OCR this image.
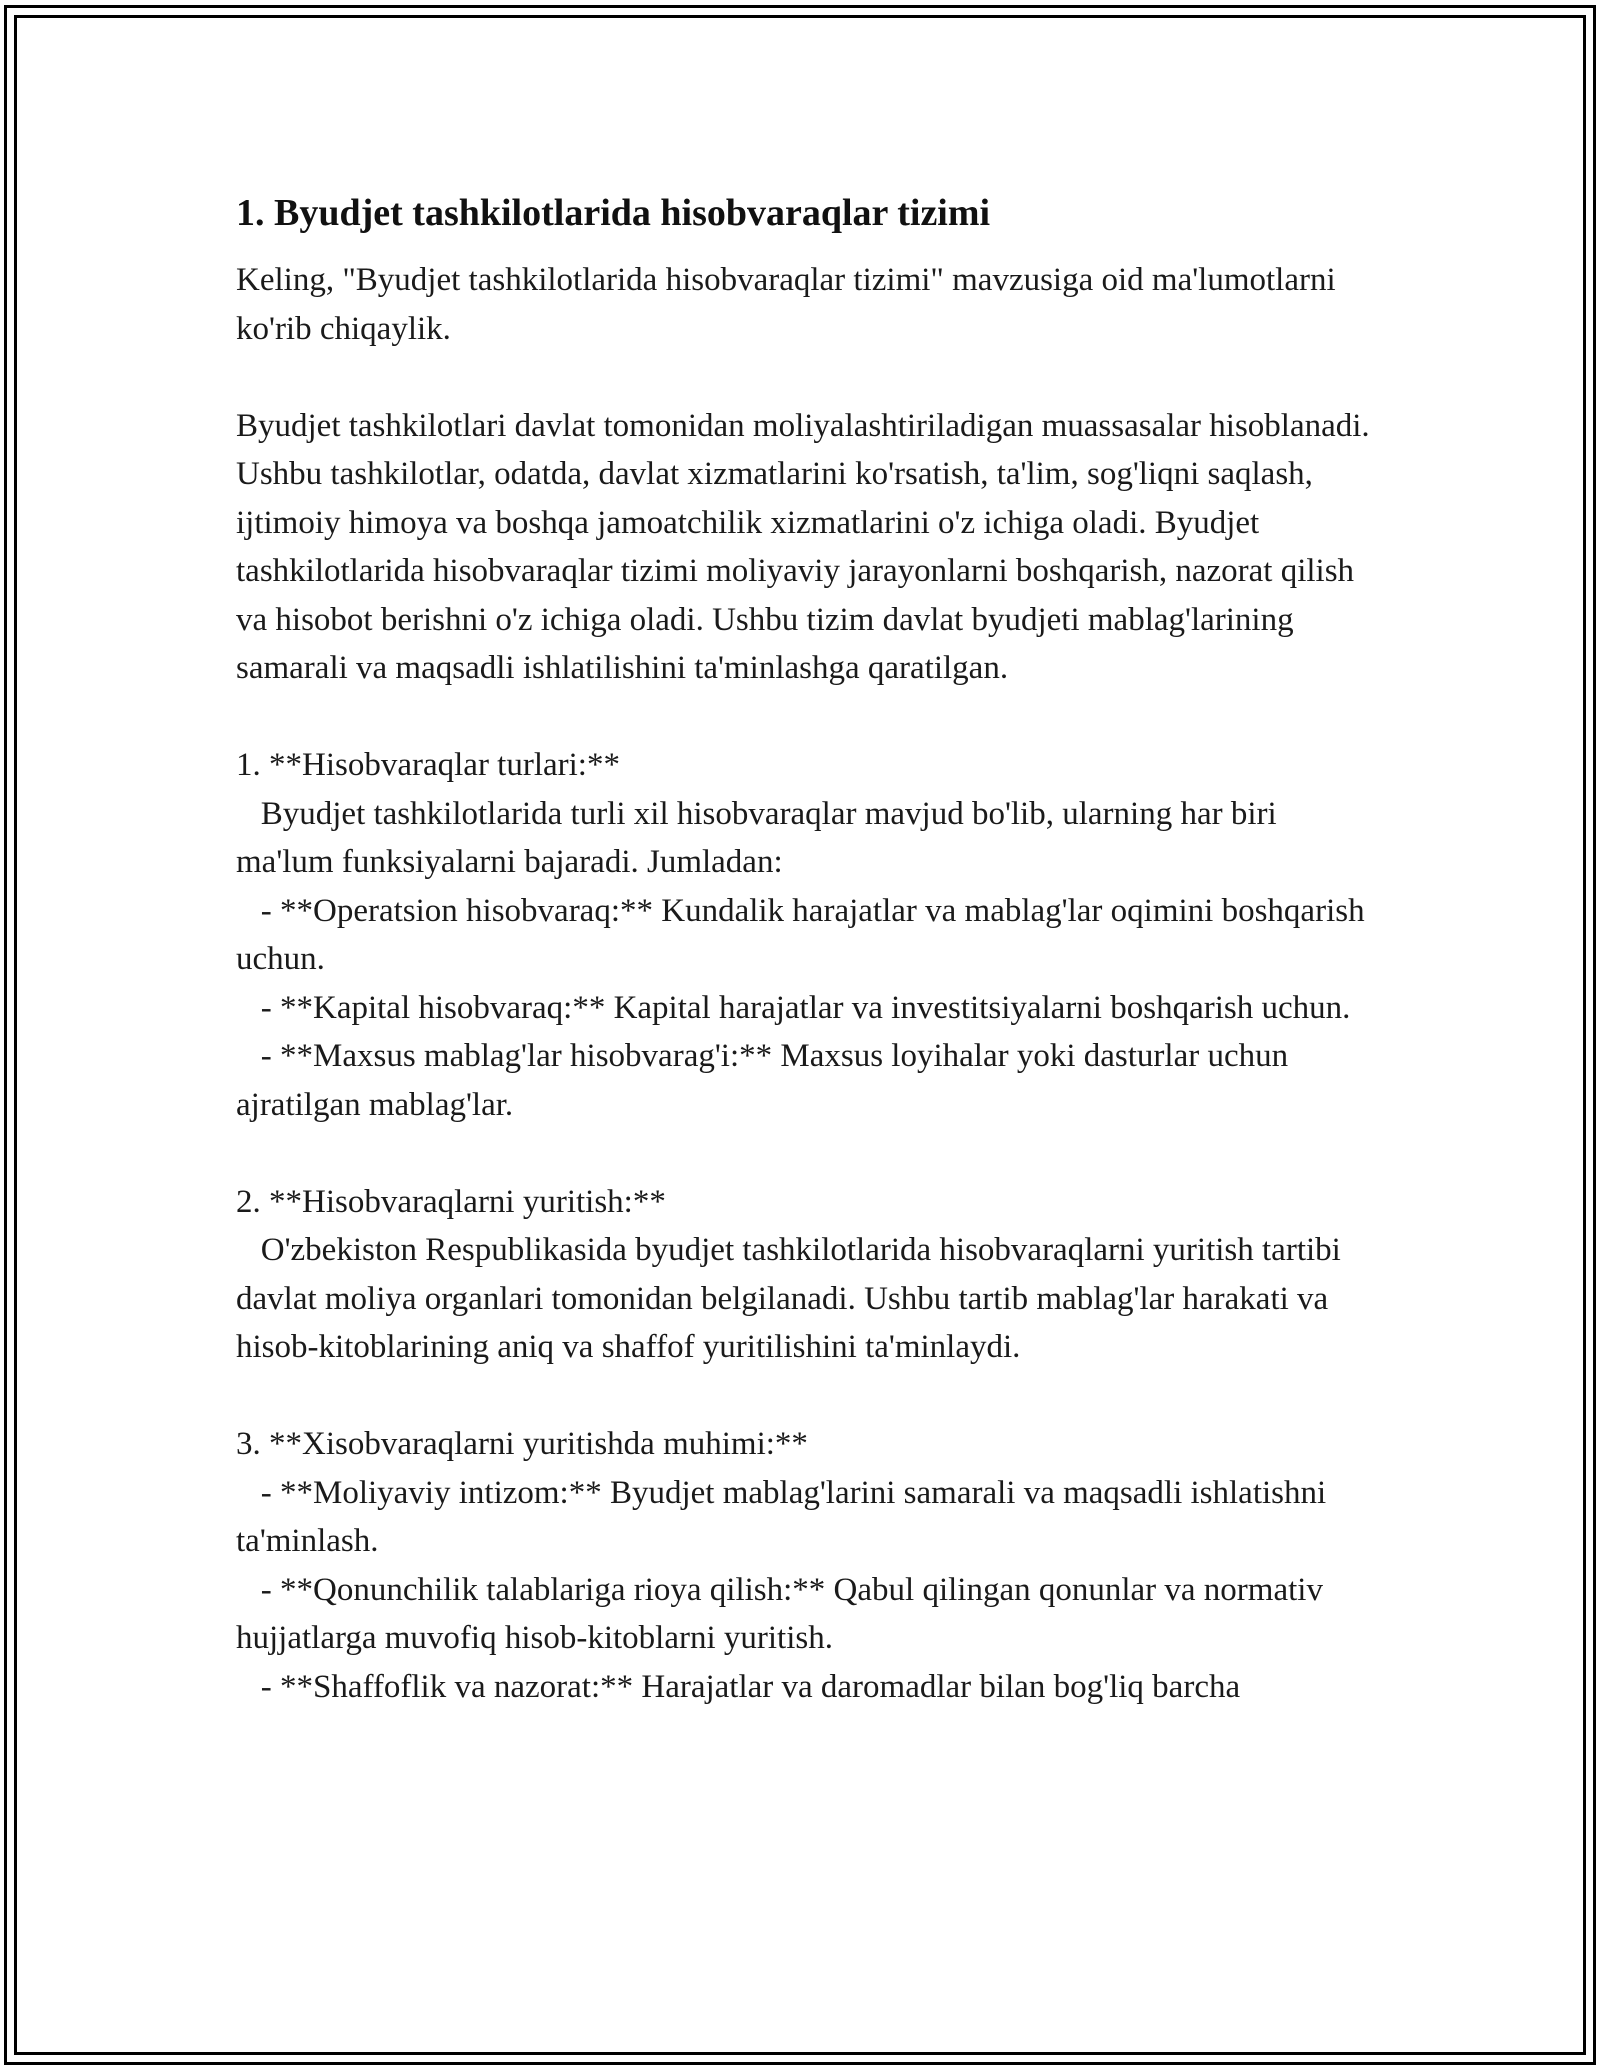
1. Byudjet tashkilotlarida hisobvaraqlar tizimi

Keling, "Byudjet tashkilotlarida hisobvaraqlar tizimi" mavzusiga oid ma'lumotlarni ko'rib chiqaylik.

Byudjet tashkilotlari davlat tomonidan moliyalashtiriladigan muassasalar hisoblanadi. Ushbu tashkilotlar, odatda, davlat xizmatlarini ko'rsatish, ta'lim, sog'liqni saqlash, ijtimoiy himoya va boshqa jamoatchilik xizmatlarini o'z ichiga oladi. Byudjet tashkilotlarida hisobvaraqlar tizimi moliyaviy jarayonlarni boshqarish, nazorat qilish va hisobot berishni o'z ichiga oladi. Ushbu tizim davlat byudjeti mablag'larining samarali va maqsadli ishlatilishini ta'minlashga qaratilgan.

1. **Hisobvaraqlar turlari:**
Byudjet tashkilotlarida turli xil hisobvaraqlar mavjud bo'lib, ularning har biri ma'lum funksiyalarni bajaradi. Jumladan:
- **Operatsion hisobvaraq:** Kundalik harajatlar va mablag'lar oqimini boshqarish uchun.
- **Kapital hisobvaraq:** Kapital harajatlar va investitsiyalarni boshqarish uchun.
- **Maxsus mablag'lar hisobvarag'i:** Maxsus loyihalar yoki dasturlar uchun ajratilgan mablag'lar.

2. **Hisobvaraqlarni yuritish:**
O'zbekiston Respublikasida byudjet tashkilotlarida hisobvaraqlarni yuritish tartibi davlat moliya organlari tomonidan belgilanadi. Ushbu tartib mablag'lar harakati va hisob-kitoblarining aniq va shaffof yuritilishini ta'minlaydi.

3. **Xisobvaraqlarni yuritishda muhimi:**
- **Moliyaviy intizom:** Byudjet mablag'larini samarali va maqsadli ishlatishni ta'minlash.
- **Qonunchilik talablariga rioya qilish:** Qabul qilingan qonunlar va normativ hujjatlarga muvofiq hisob-kitoblarni yuritish.
- **Shaffoflik va nazorat:** Harajatlar va daromadlar bilan bog'liq barcha
